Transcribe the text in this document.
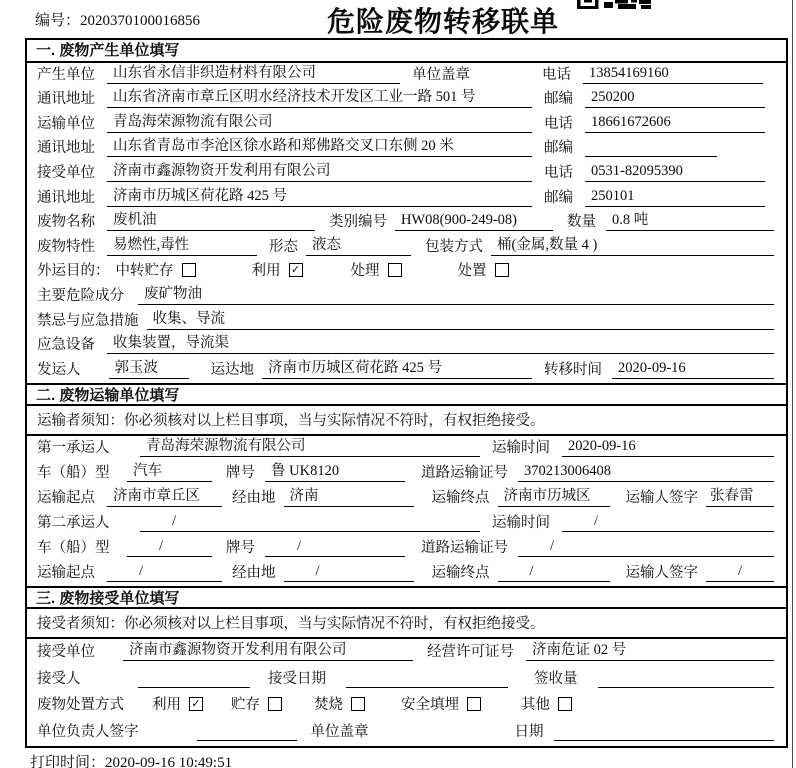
编号：2020370100016856	危险废物转移联单
一. 废物产生单位填写
产生单位	山东省永信非织造材料有限公司	单位盖章	电话	13854169160
通讯地址	山东省济南市章丘区明水经济技术开发区工业一路 501 号	邮编	250200
运输单位	青岛海荣源物流有限公司	电话	18661672606
通讯地址	山东省青岛市李沧区徐水路和郑佛路交叉口东侧 20 米	邮编
接受单位	济南市鑫源物资开发利用有限公司	电话	0531-82095390
通讯地址	济南市历城区荷花路 425 号	邮编	250101
废物名称	废机油	类别编号 HW08(900-249-08)	数量	0.8 吨
废物特性	易燃性,毒性	形态 液态	包装方式 桶(金属,数量 4 )
外运目的： 中转贮存	利用 ✓	处理	处置
主要危险成分	废矿物油
禁忌与应急措施 收集、导流
应急设备	收集装置，导流渠
发运人	郭玉波	运达地 济南市历城区荷花路 425 号	转移时间	2020-09-16
二. 废物运输单位填写
运输者须知：你必须核对以上栏目事项，当与实际情况不符时，有权拒绝接受。
第一承运人	青岛海荣源物流有限公司	运输时间	2020-09-16
车（船）型	汽车	牌号	鲁 UK8120	道路运输证号	370213006408
运输起点	济南市章丘区	经由地 济南	运输终点 济南市历城区	运输人签字 张春雷
第二承运人	/	运输时间	/
车（船）型	/	牌号	/	道路运输证号	/
运输起点	/	经由地	/	运输终点	/	运输人签字	/
三. 废物接受单位填写
接受者须知：你必须核对以上栏目事项，当与实际情况不符时，有权拒绝接受。
接受单位	济南市鑫源物资开发利用有限公司	经营许可证号	济南危证 02 号
接受人	接受日期	签收量
废物处置方式 利用 ✓ 贮存	焚烧	安全填埋	其他
单位负责人签字	单位盖章	日期
打印时间：2020-09-16 10:49:51
